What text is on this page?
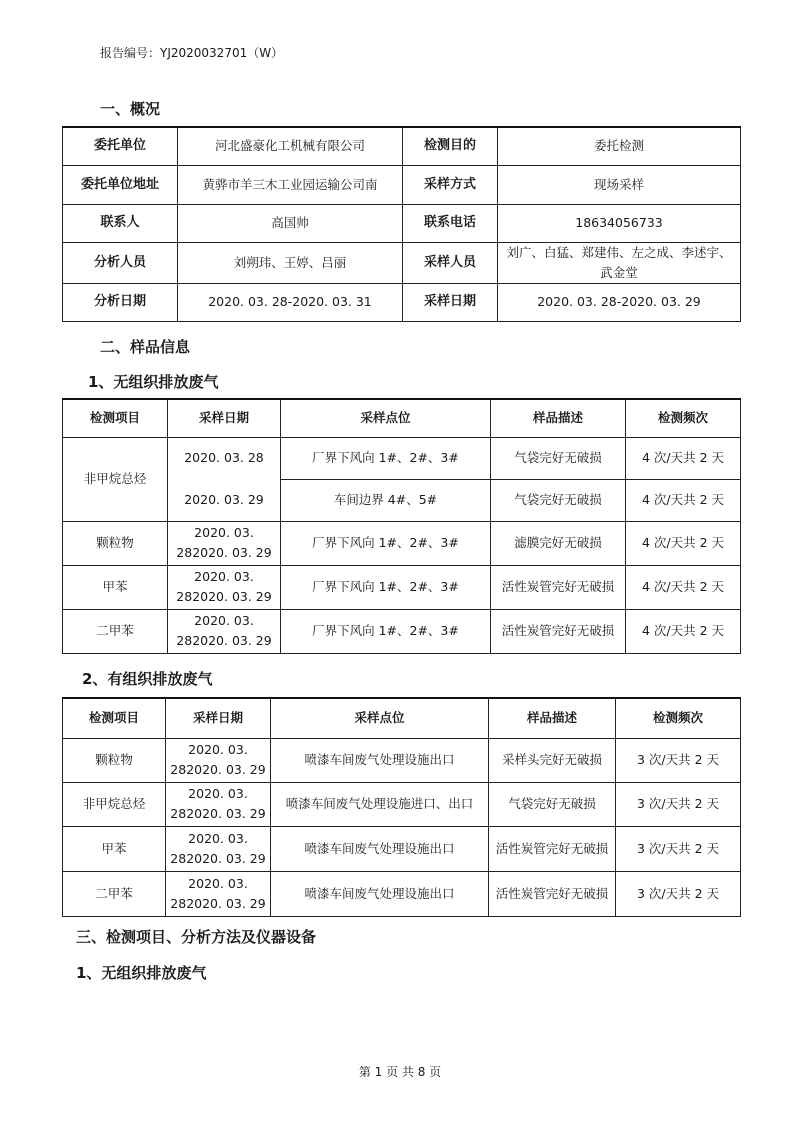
报告编号：YJ2020032701（W）
一、概况
委托单位	河北盛豪化工机械有限公司	检测目的	委托检测
委托单位地址	黄骅市羊三木工业园运输公司南	采样方式	现场采样
联系人	高国帅	联系电话	18634056733
分析人员	刘朔玮、王婷、吕丽	采样人员	刘广、白猛、郑建伟、左之成、李述宇、 武金堂
分析日期	2020. 03. 28-2020. 03. 31	采样日期	2020. 03. 28-2020. 03. 29
二、样品信息
1、无组织排放废气
检测项目	采样日期	采样点位	样品描述	检测频次
非甲烷总烃	2020. 03. 28	厂界下风向 1#、2#、3#	气袋完好无破损	4 次/天共 2 天
	2020. 03. 29	车间边界 4#、5#	气袋完好无破损	4 次/天共 2 天
颗粒物	2020. 03. 282020. 03. 29	厂界下风向 1#、2#、3#	滤膜完好无破损	4 次/天共 2 天
甲苯	2020. 03. 282020. 03. 29	厂界下风向 1#、2#、3#	活性炭管完好无破损	4 次/天共 2 天
二甲苯	2020. 03. 282020. 03. 29	厂界下风向 1#、2#、3#	活性炭管完好无破损	4 次/天共 2 天
2、有组织排放废气
检测项目	采样日期	采样点位	样品描述	检测频次
颗粒物	2020. 03. 282020. 03. 29	喷漆车间废气处理设施出口	采样头完好无破损	3 次/天共 2 天
非甲烷总烃	2020. 03. 282020. 03. 29	喷漆车间废气处理设施进口、出口	气袋完好无破损	3 次/天共 2 天
甲苯	2020. 03. 282020. 03. 29	喷漆车间废气处理设施出口	活性炭管完好无破损	3 次/天共 2 天
二甲苯	2020. 03. 282020. 03. 29	喷漆车间废气处理设施出口	活性炭管完好无破损	3 次/天共 2 天
三、检测项目、分析方法及仪器设备
1、无组织排放废气
第 1 页 共 8 页
